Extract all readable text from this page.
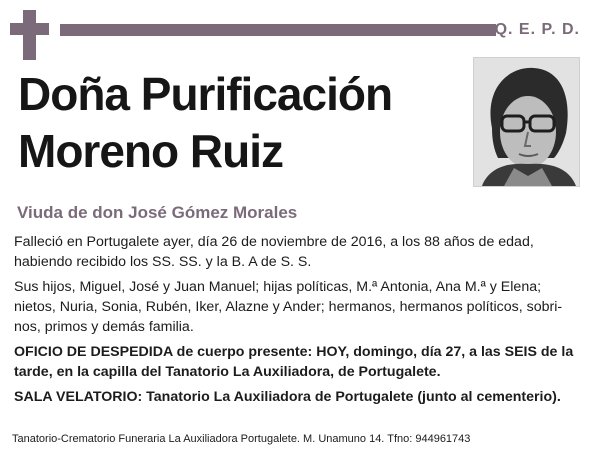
Q. E. P. D.
Doña Purificación
Moreno Ruiz
Viuda de don José Gómez Morales

Falleció en Portugalete ayer, día 26 de noviembre de 2016, a los 88 años de edad, habiendo recibido los SS. SS. y la B. A de S. S.

Sus hijos, Miguel, José y Juan Manuel; hijas políticas, M.ª Antonia, Ana M.ª y Elena; nietos, Nuria, Sonia, Rubén, Iker, Alazne y Ander; hermanos, hermanos políticos, sobrinos, primos y demás familia.

OFICIO DE DESPEDIDA de cuerpo presente: HOY, domingo, día 27, a las SEIS de la tarde, en la capilla del Tanatorio La Auxiliadora, de Portugalete.

SALA VELATORIO: Tanatorio La Auxiliadora de Portugalete (junto al cementerio).

Tanatorio-Crematorio Funeraria La Auxiliadora Portugalete. M. Unamuno 14. Tfno: 944961743
